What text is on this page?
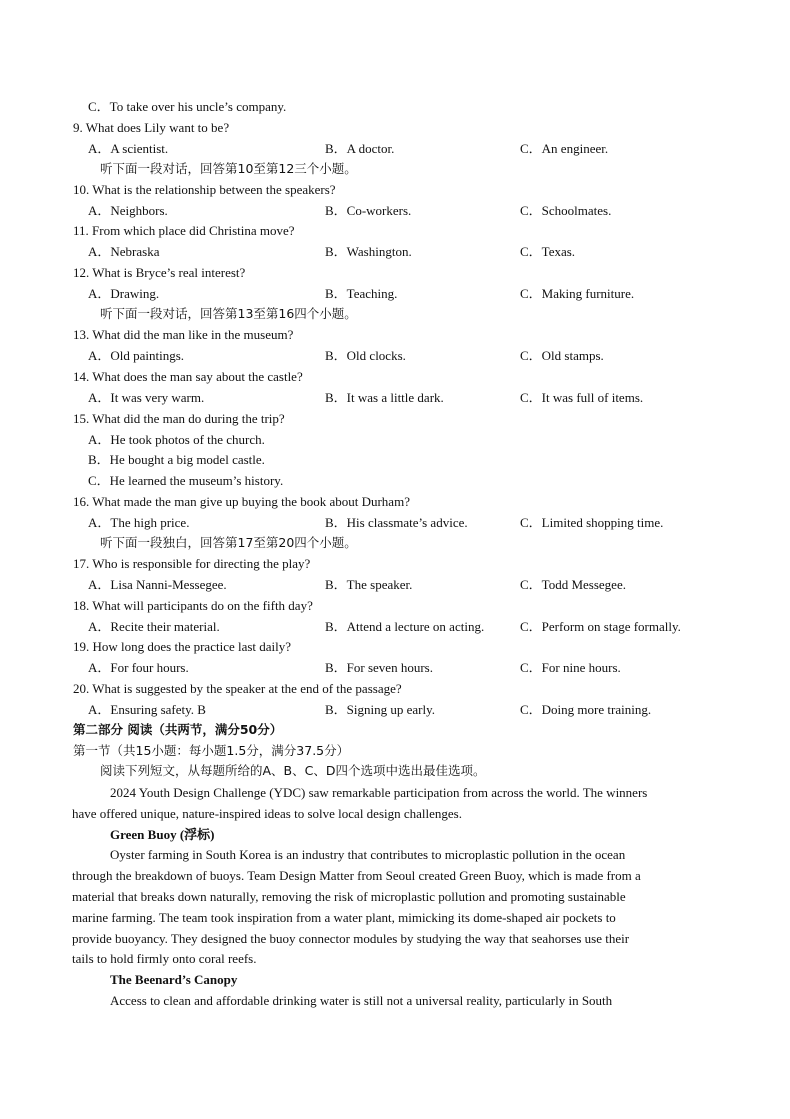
C．To take over his uncle’s company.
9. What does Lily want to be?
A．A scientist.	B．A doctor.	C．An engineer.
听下面一段对话，回答第10至第12三个小题。
10. What is the relationship between the speakers?
A．Neighbors.	B．Co-workers.	C．Schoolmates.
11. From which place did Christina move?
A．Nebraska	B．Washington.	C．Texas.
12. What is Bryce’s real interest?
A．Drawing.	B．Teaching.	C．Making furniture.
听下面一段对话，回答第13至第16四个小题。
13. What did the man like in the museum?
A．Old paintings.	B．Old clocks.	C．Old stamps.
14. What does the man say about the castle?
A．It was very warm.	B．It was a little dark.	C．It was full of items.
15. What did the man do during the trip?
A．He took photos of the church.
B．He bought a big model castle.
C．He learned the museum’s history.
16. What made the man give up buying the book about Durham?
A．The high price.	B．His classmate’s advice.	C．Limited shopping time.
听下面一段独白，回答第17至第20四个小题。
17. Who is responsible for directing the play?
A．Lisa Nanni-Messegee.	B．The speaker.	C．Todd Messegee.
18. What will participants do on the fifth day?
A．Recite their material.	B．Attend a lecture on acting.	C．Perform on stage formally.
19. How long does the practice last daily?
A．For four hours.	B．For seven hours.	C．For nine hours.
20. What is suggested by the speaker at the end of the passage?
A．Ensuring safety. B	B．Signing up early.	C．Doing more training.
第二部分 阅读（共两节，满分50分）
第一节（共15小题：每小题1.5分，满分37.5分）
阅读下列短文，从每题所给的A、B、C、D四个选项中选出最佳选项。
2024 Youth Design Challenge (YDC) saw remarkable participation from across the world. The winners
have offered unique, nature-inspired ideas to solve local design challenges.
Green Buoy (浮标)
Oyster farming in South Korea is an industry that contributes to microplastic pollution in the ocean
through the breakdown of buoys. Team Design Matter from Seoul created Green Buoy, which is made from a
material that breaks down naturally, removing the risk of microplastic pollution and promoting sustainable
marine farming. The team took inspiration from a water plant, mimicking its dome-shaped air pockets to
provide buoyancy. They designed the buoy connector modules by studying the way that seahorses use their
tails to hold firmly onto coral reefs.
The Beenard’s Canopy
Access to clean and affordable drinking water is still not a universal reality, particularly in South
